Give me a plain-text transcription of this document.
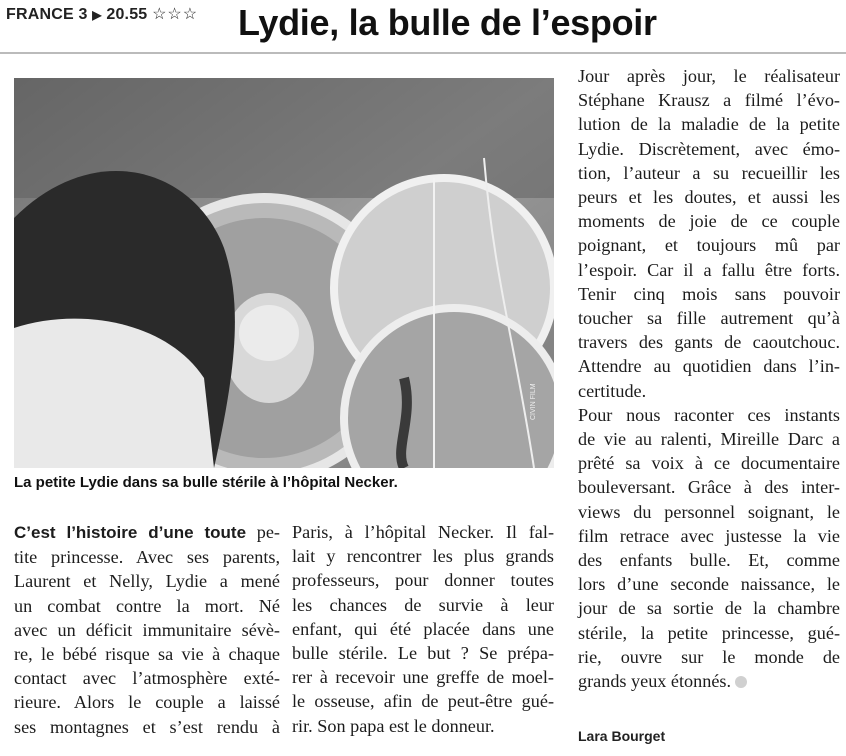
FRANCE 3 ▶ 20.55 ☆☆☆ Lydie, la bulle de l’espoir
CIVIN FILM
La petite Lydie dans sa bulle stérile à l’hôpital Necker.
C’est l’histoire d’une toute pe-
tite princesse. Avec ses parents,
Laurent et Nelly, Lydie a mené
un combat contre la mort. Né
avec un déficit immunitaire sévè-
re, le bébé risque sa vie à chaque
contact avec l’atmosphère exté-
rieure. Alors le couple a laissé
ses montagnes et s’est rendu à
Paris, à l’hôpital Necker. Il fal-
lait y rencontrer les plus grands
professeurs, pour donner toutes
les chances de survie à leur
enfant, qui été placée dans une
bulle stérile. Le but ? Se prépa-
rer à recevoir une greffe de moel-
le osseuse, afin de peut-être gué-
rir. Son papa est le donneur.
Jour après jour, le réalisateur
Stéphane Krausz a filmé l’évo-
lution de la maladie de la petite
Lydie. Discrètement, avec émo-
tion, l’auteur a su recueillir les
peurs et les doutes, et aussi les
moments de joie de ce couple
poignant, et toujours mû par
l’espoir. Car il a fallu être forts.
Tenir cinq mois sans pouvoir
toucher sa fille autrement qu’à
travers des gants de caoutchouc.
Attendre au quotidien dans l’in-
certitude.
Pour nous raconter ces instants
de vie au ralenti, Mireille Darc a
prêté sa voix à ce documentaire
bouleversant. Grâce à des inter-
views du personnel soignant, le
film retrace avec justesse la vie
des enfants bulle. Et, comme
lors d’une seconde naissance, le
jour de sa sortie de la chambre
stérile, la petite princesse, gué-
rie, ouvre sur le monde de
grands yeux étonnés.
Lara Bourget
